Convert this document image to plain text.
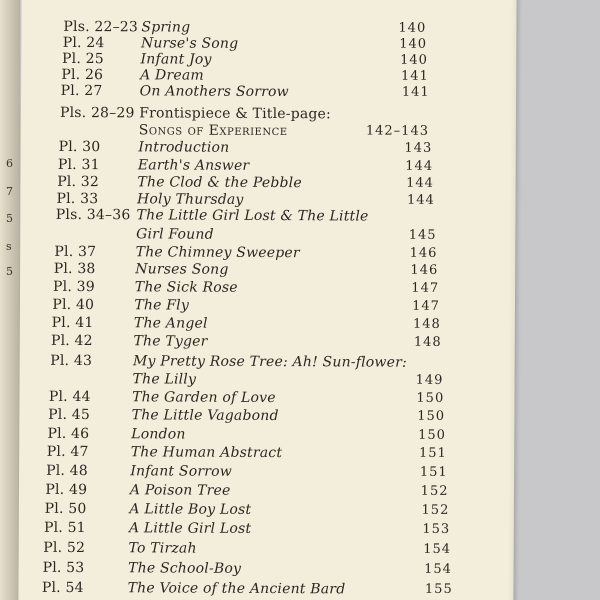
6
7
5
s
5
Pls. 22–23 Spring	140
Pl. 24	Nurse's Song	140
Pl. 25	Infant Joy	140
Pl. 26	A Dream	141
Pl. 27	On Anothers Sorrow	141
Pls. 28–29 Frontispiece & Title-page:
Songs of Experience	142–143
Pl. 30	Introduction	143
Pl. 31	Earth's Answer	144
Pl. 32	The Clod & the Pebble	144
Pl. 33	Holy Thursday	144
Pls. 34–36 The Little Girl Lost & The Little
Girl Found	145
Pl. 37	The Chimney Sweeper	146
Pl. 38	Nurses Song	146
Pl. 39	The Sick Rose	147
Pl. 40	The Fly	147
Pl. 41	The Angel	148
Pl. 42	The Tyger	148
Pl. 43	My Pretty Rose Tree: Ah! Sun-flower:
The Lilly	149
Pl. 44	The Garden of Love	150
Pl. 45	The Little Vagabond	150
Pl. 46	London	150
Pl. 47	The Human Abstract	151
Pl. 48	Infant Sorrow	151
Pl. 49	A Poison Tree	152
Pl. 50	A Little Boy Lost	152
Pl. 51	A Little Girl Lost	153
Pl. 52	To Tirzah	154
Pl. 53	The School-Boy	154
Pl. 54	The Voice of the Ancient Bard	155
